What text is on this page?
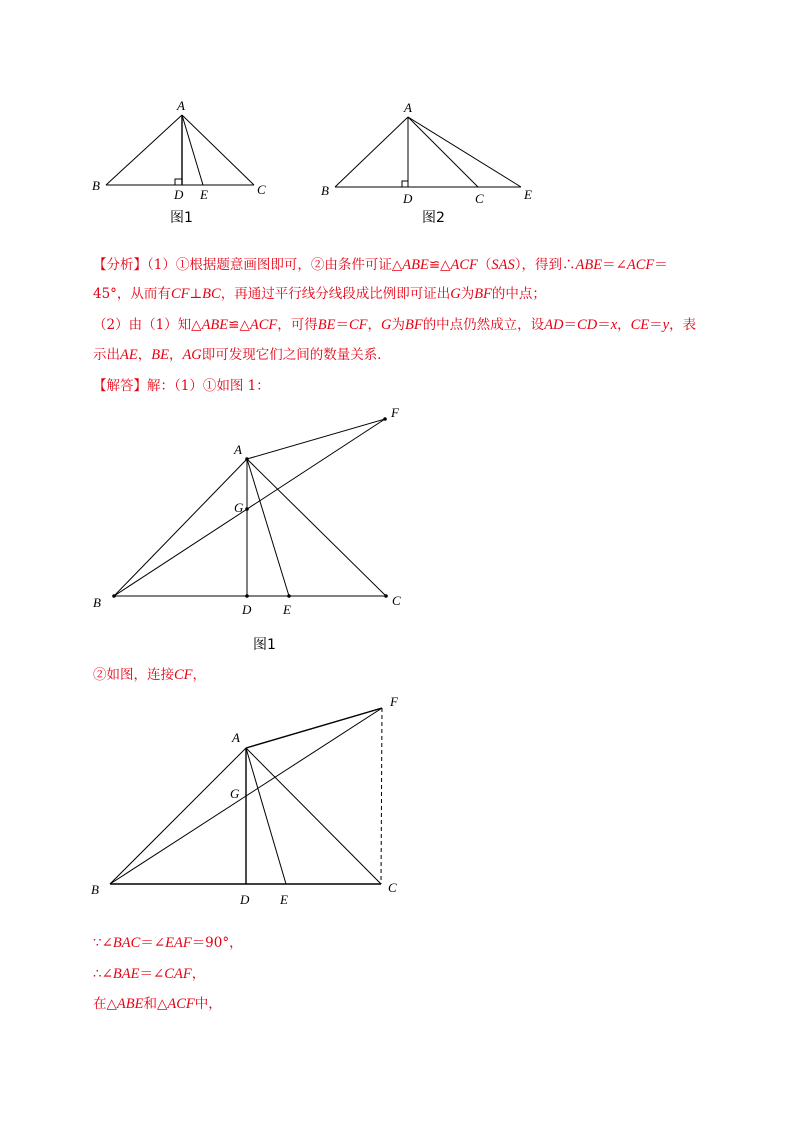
A
B	C
D E
图1
A
B
C
D	E
图2
【分析】（1）①根据题意画图即可，②由条件可证△ABE≌△ACF（SAS），得到∴ABE＝∠ACF＝
45°，从而有CF⊥BC，再通过平行线分线段成比例即可证出G为BF的中点；
（2）由（1）知△ABE≌△ACF，可得BE＝CF，G为BF的中点仍然成立，设AD＝CD＝x，CE＝y，表
示出AE，BE，AG即可发现它们之间的数量关系．
【解答】解：（1）①如图 1：
A
B	C
D E
F
G
图1
②如图，连接CF，
A
B	C
D E
F
G
∵∠BAC＝∠EAF＝90°，
∴∠BAE＝∠CAF，
在△ABE和△ACF中，
